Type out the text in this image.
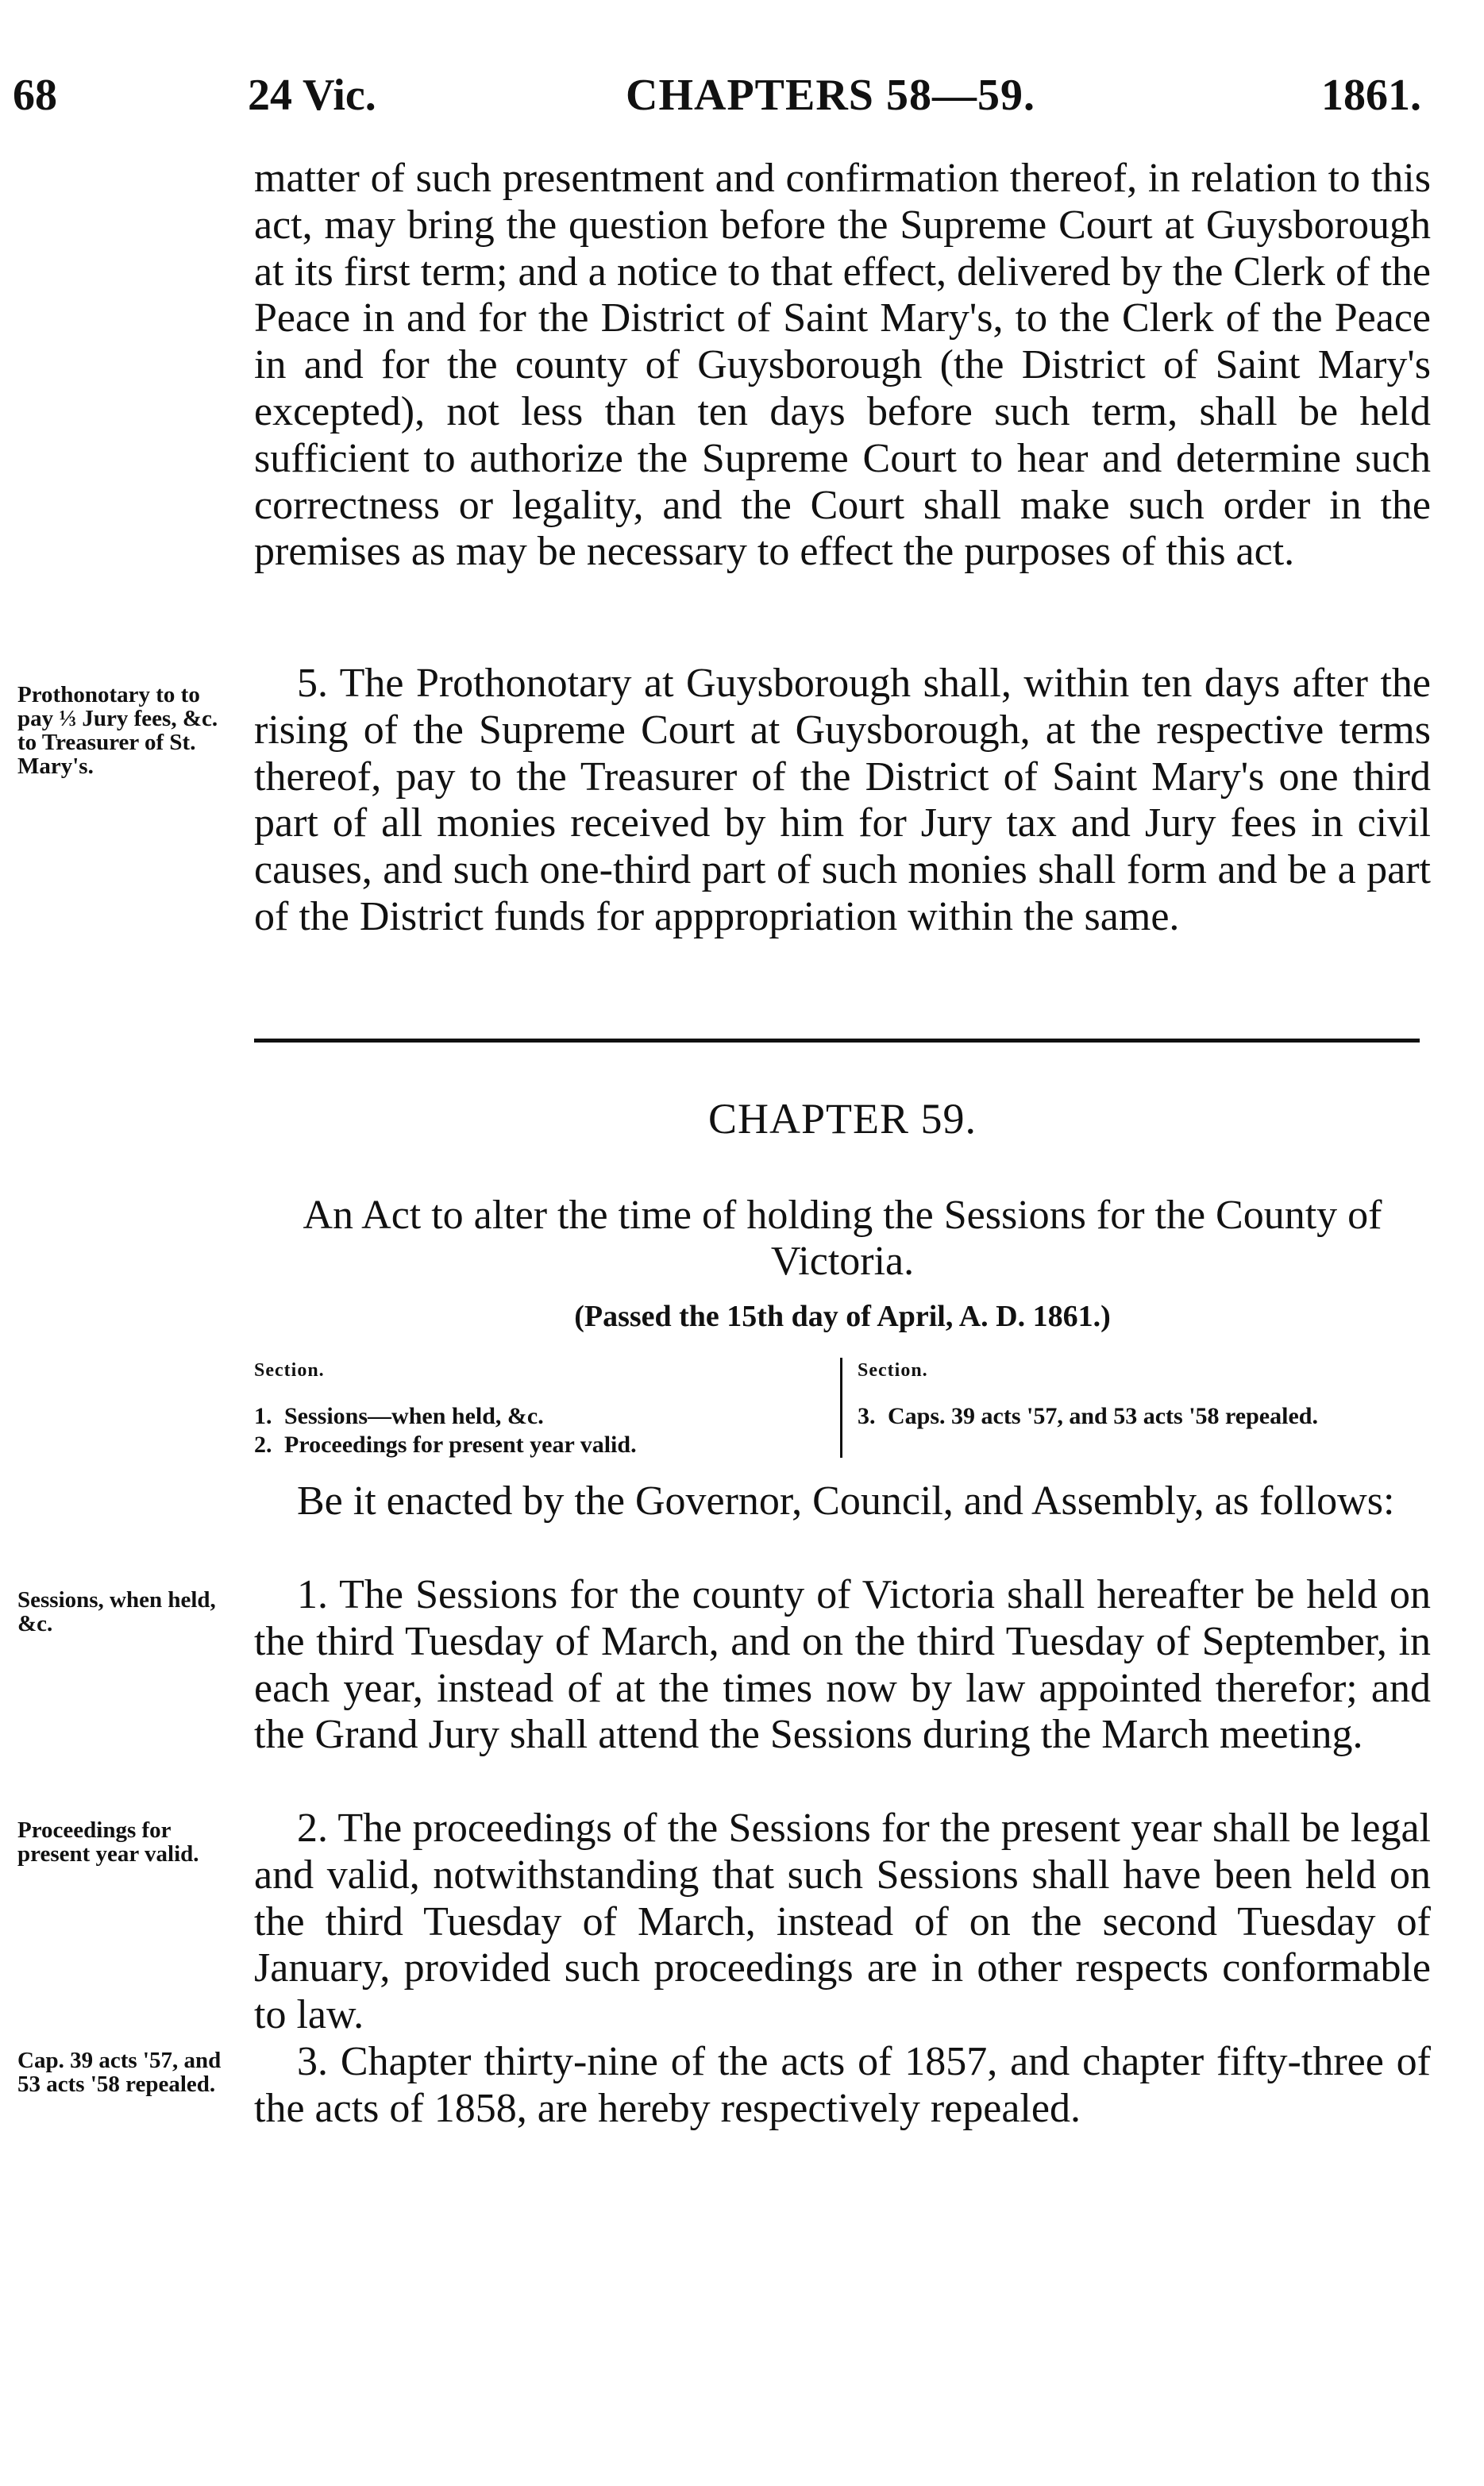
68	24 Vic.	CHAPTERS 58—59.	1861.

matter of such presentment and confirmation thereof, in relation to this act, may bring the question before the Supreme Court at Guysborough at its first term; and a notice to that effect, delivered by the Clerk of the Peace in and for the District of Saint Mary's, to the Clerk of the Peace in and for the county of Guysborough (the District of Saint Mary's excepted), not less than ten days before such term, shall be held sufficient to authorize the Supreme Court to hear and determine such correctness or legality, and the Court shall make such order in the premises as may be necessary to effect the purposes of this act.

Prothonotary to to pay ⅓ Jury fees, &c. to Treasurer of St. Mary's.

5. The Prothonotary at Guysborough shall, within ten days after the rising of the Supreme Court at Guysborough, at the respective terms thereof, pay to the Treasurer of the District of Saint Mary's one third part of all monies received by him for Jury tax and Jury fees in civil causes, and such one-third part of such monies shall form and be a part of the District funds for apppropriation within the same.

CHAPTER 59.
An Act to alter the time of holding the Sessions for the County of Victoria.
(Passed the 15th day of April, A. D. 1861.)
Section.
1. Sessions—when held, &c.
2. Proceedings for present year valid.
Section.
3. Caps. 39 acts '57, and 53 acts '58 repealed.

Be it enacted by the Governor, Council, and Assembly, as follows:

Sessions, when held, &c.

1. The Sessions for the county of Victoria shall hereafter be held on the third Tuesday of March, and on the third Tuesday of September, in each year, instead of at the times now by law appointed therefor; and the Grand Jury shall attend the Sessions during the March meeting.

Proceedings for present year valid.

2. The proceedings of the Sessions for the present year shall be legal and valid, notwithstanding that such Sessions shall have been held on the third Tuesday of March, instead of on the second Tuesday of January, provided such proceedings are in other respects conformable to law.

Cap. 39 acts '57, and 53 acts '58 repealed.	3. Chapter thirty-nine of the acts of 1857, and chapter fifty-three of the acts of 1858, are hereby respectively repealed.
